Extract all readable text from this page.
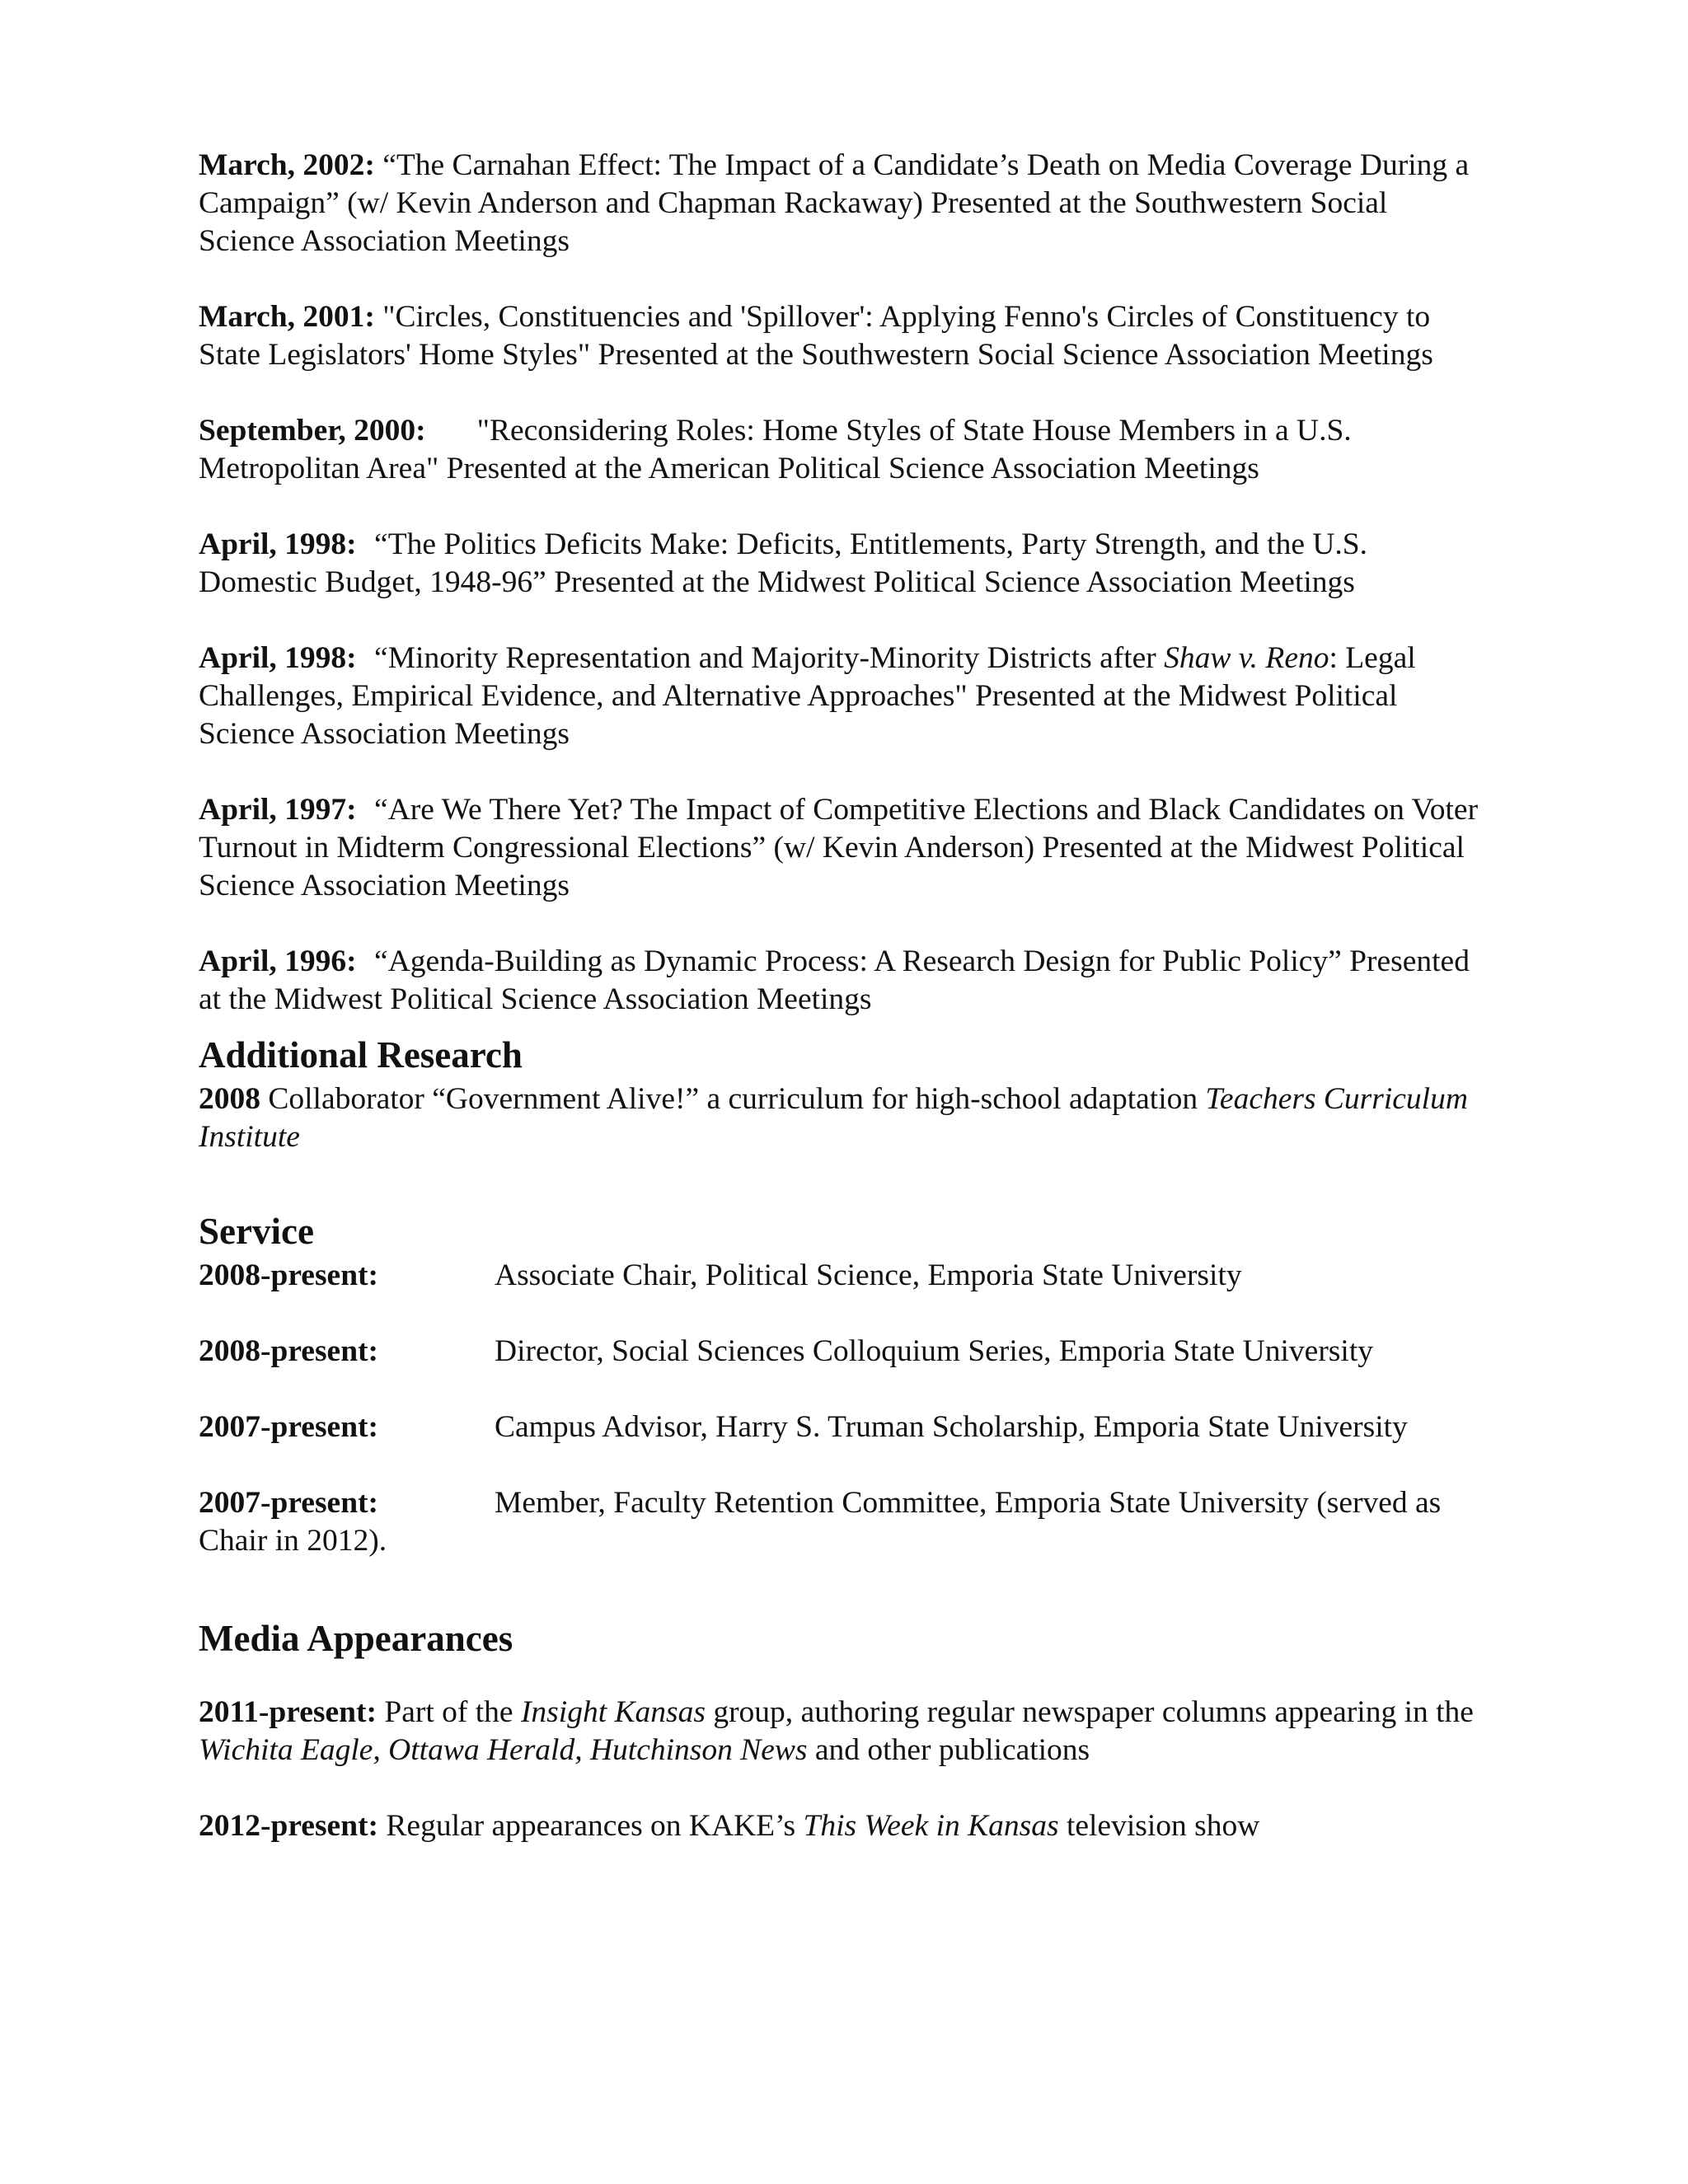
March, 2002: “The Carnahan Effect: The Impact of a Candidate’s Death on Media Coverage During a Campaign” (w/ Kevin Anderson and Chapman Rackaway) Presented at the Southwestern Social Science Association Meetings

March, 2001: "Circles, Constituencies and 'Spillover': Applying Fenno's Circles of Constituency to State Legislators' Home Styles" Presented at the Southwestern Social Science Association Meetings

September, 2000: "Reconsidering Roles: Home Styles of State House Members in a U.S. Metropolitan Area" Presented at the American Political Science Association Meetings

April, 1998: “The Politics Deficits Make: Deficits, Entitlements, Party Strength, and the U.S. Domestic Budget, 1948-96” Presented at the Midwest Political Science Association Meetings

April, 1998: “Minority Representation and Majority-Minority Districts after Shaw v. Reno: Legal Challenges, Empirical Evidence, and Alternative Approaches" Presented at the Midwest Political Science Association Meetings

April, 1997: “Are We There Yet? The Impact of Competitive Elections and Black Candidates on Voter Turnout in Midterm Congressional Elections” (w/ Kevin Anderson) Presented at the Midwest Political Science Association Meetings

April, 1996: “Agenda-Building as Dynamic Process: A Research Design for Public Policy” Presented at the Midwest Political Science Association Meetings

Additional Research

2008 Collaborator “Government Alive!” a curriculum for high-school adaptation Teachers Curriculum Institute

Service
2008-present:	Associate Chair, Political Science, Emporia State University
2008-present:	Director, Social Sciences Colloquium Series, Emporia State University
2007-present:	Campus Advisor, Harry S. Truman Scholarship, Emporia State University
2007-present:	Member, Faculty Retention Committee, Emporia State University (served as Chair in 2012).
Media Appearances

2011-present: Part of the Insight Kansas group, authoring regular newspaper columns appearing in the Wichita Eagle, Ottawa Herald, Hutchinson News and other publications

2012-present: Regular appearances on KAKE’s This Week in Kansas television show
